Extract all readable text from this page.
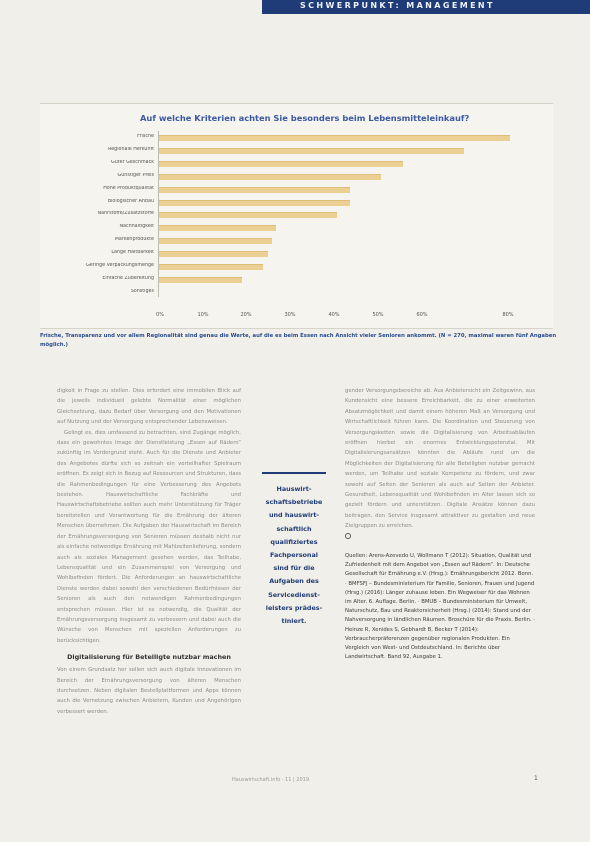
SCHWERPUNKT: MANAGEMENT
Auf welche Kriterien achten Sie besonders beim Lebensmitteleinkauf?
Frische
Regionale Herkunft
Guter Geschmack
Günstiger Preis
Hohe Produktqualität
Biologischer Anbau
Nährstoffe/Zusatzstoffe
Nachhaltigkeit
Markenprodukte
Lange Haltbarkeit
Geringe Verpackungsmenge
Einfache Zubereitung
Sonstiges
0%	10%	20%	30%	40%	50%	60%	80%
Frische, Transparenz und vor allem Regionalität sind genau die Werte, auf die es beim Essen nach Ansicht vieler Senioren ankommt. (N = 270, maximal waren fünf Angaben möglich.)

digkeit in Frage zu stellen. Dies erfordert eine immobilen Blick auf die jeweils individuell gelebte Normalität einer möglichen Gleichsetzung, dazu Bedarf über Versorgung und den Motivationen auf Nutzung und der Versorgung entsprechender Lebensweisen.

Gelingt es, dies umfassend zu betrachten, sind Zugänge möglich, dass ein gewohntes Image der Dienstleistung „Essen auf Rädern“ zukünftig im Vordergrund steht. Auch für die Dienste und Anbieter des Angebotes dürfte sich so zeitnah ein vorteilhafter Spielraum eröffnen. Es zeigt sich in Bezug auf Ressourcen und Strukturen, dass die Rahmenbedingungen für eine Verbesserung des Angebots bestehen. Hauswirtschaftliche Fachkräfte und Hauswirtschaftsbetriebe sollten auch mehr Unterstützung für Träger bereitstellen und Verantwortung für die Ernährung der älteren Menschen übernehmen. Die Aufgaben der Hauswirtschaft im Bereich der Ernährungsversorgung von Senioren müssen deshalb nicht nur als einfache notwendige Ernährung mit Mahlzeitenlieferung, sondern auch als soziales Management gesehen werden, das Teilhabe, Lebensqualität und ein Zusammenspiel von Versorgung und Wohlbefinden fördert. Die Anforderungen an hauswirtschaftliche Dienste werden dabei sowohl den verschiedenen Bedürfnissen der Senioren als auch den notwendigen Rahmenbedingungen entsprechen müssen. Hier ist es notwendig, die Qualität der Ernährungsversorgung insgesamt zu verbessern und dabei auch die Wünsche von Menschen mit speziellen Anforderungen zu berücksichtigen.

Digitalisierung für Beteiligte nutzbar machen

Von einem Grundsatz her sollen sich auch digitale Innovationen im Bereich der Ernährungsversorgung von älteren Menschen durchsetzen. Neben digitalen Bestellplattformen und Apps können auch die Vernetzung zwischen Anbietern, Kunden und Angehörigen verbessert werden.

Hauswirtschaftsbetriebe und hauswirtschaftlich qualifiziertes Fachpersonal sind für die Aufgaben des Servicedienstleisters prädestiniert.

gender Versorgungsbereiche ab. Aus Anbietersicht ein Zeitgewinn, aus Kundensicht eine bessere Erreichbarkeit, die zu einer erweiterten Absatzmöglichkeit und damit einem höheren Maß an Versorgung und Wirtschaftlichkeit führen kann. Die Koordination und Steuerung von Versorgungsketten sowie die Digitalisierung von Arbeitsabläufen eröffnen hierbei ein enormes Entwicklungspotenzial. Mit Digitalisierungsansätzen könnten die Abläufe rund um die Möglichkeiten der Digitalisierung für alle Beteiligten nutzbar gemacht werden, um Teilhabe und soziale Kompetenz zu fördern, und zwar sowohl auf Seiten der Senioren als auch auf Seiten der Anbieter. Gesundheit, Lebensqualität und Wohlbefinden im Alter lassen sich so gezielt fördern und unterstützen. Digitale Ansätze können dazu beitragen, den Service insgesamt attraktiver zu gestalten und neue Zielgruppen zu erreichen.

Quellen: Arens-Azevedo U, Wollmann T (2012): Situation, Qualität und Zufriedenheit mit dem Angebot von „Essen auf Rädern“. In: Deutsche Gesellschaft für Ernährung e.V. (Hrsg.): Ernährungsbericht 2012. Bonn. · BMFSFJ – Bundesministerium für Familie, Senioren, Frauen und Jugend (Hrsg.) (2016): Länger zuhause leben. Ein Wegweiser für das Wohnen im Alter. 6. Auflage. Berlin. · BMUB – Bundesministerium für Umwelt, Naturschutz, Bau und Reaktorsicherheit (Hrsg.) (2014): Stand und der Nahversorgung in ländlichen Räumen. Broschüre für die Praxis. Berlin. · Heinze R, Xenides S, Gebhardt B, Becker T (2014): Verbraucherpräferenzen gegenüber regionalen Produkten. Ein Vergleich von West- und Ostdeutschland. In: Berichte über Landwirtschaft. Band 92, Ausgabe 1.
Hauswirtschaft.info · 11 | 2019	1
